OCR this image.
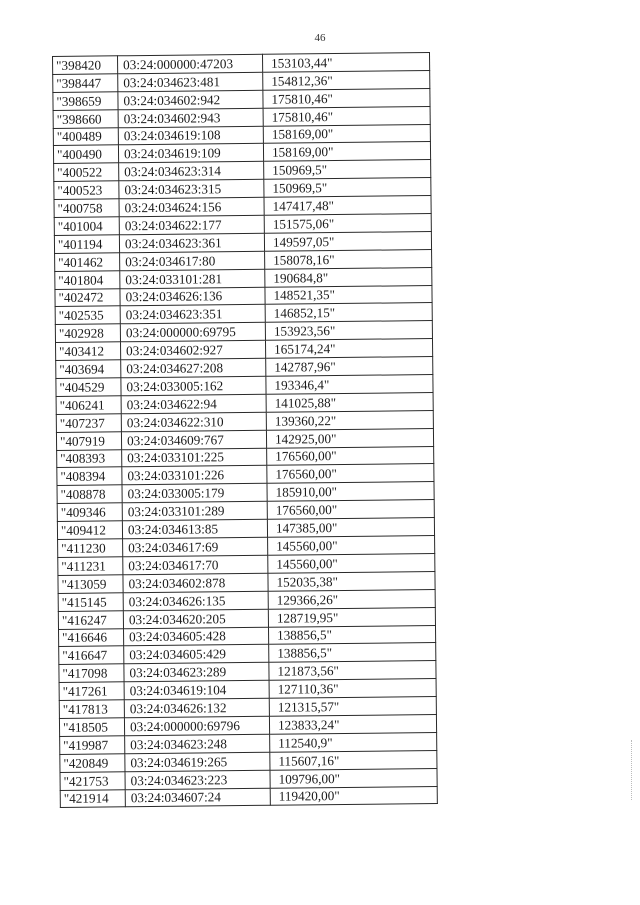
46
"398420	03:24:000000:47203	153103,44"
"398447	03:24:034623:481	154812,36"
"398659	03:24:034602:942	175810,46"
"398660	03:24:034602:943	175810,46"
"400489	03:24:034619:108	158169,00"
"400490	03:24:034619:109	158169,00"
"400522	03:24:034623:314	150969,5"
"400523	03:24:034623:315	150969,5"
"400758	03:24:034624:156	147417,48"
"401004	03:24:034622:177	151575,06"
"401194	03:24:034623:361	149597,05"
"401462	03:24:034617:80	158078,16"
"401804	03:24:033101:281	190684,8"
"402472	03:24:034626:136	148521,35"
"402535	03:24:034623:351	146852,15"
"402928	03:24:000000:69795	153923,56"
"403412	03:24:034602:927	165174,24"
"403694	03:24:034627:208	142787,96"
"404529	03:24:033005:162	193346,4"
"406241	03:24:034622:94	141025,88"
"407237	03:24:034622:310	139360,22"
"407919	03:24:034609:767	142925,00"
"408393	03:24:033101:225	176560,00"
"408394	03:24:033101:226	176560,00"
"408878	03:24:033005:179	185910,00"
"409346	03:24:033101:289	176560,00"
"409412	03:24:034613:85	147385,00"
"411230	03:24:034617:69	145560,00"
"411231	03:24:034617:70	145560,00"
"413059	03:24:034602:878	152035,38"
"415145	03:24:034626:135	129366,26"
"416247	03:24:034620:205	128719,95"
"416646	03:24:034605:428	138856,5"
"416647	03:24:034605:429	138856,5"
"417098	03:24:034623:289	121873,56"
"417261	03:24:034619:104	127110,36"
"417813	03:24:034626:132	121315,57"
"418505	03:24:000000:69796	123833,24"
"419987	03:24:034623:248	112540,9"
"420849	03:24:034619:265	115607,16"
"421753	03:24:034623:223	109796,00"
"421914	03:24:034607:24	119420,00"
